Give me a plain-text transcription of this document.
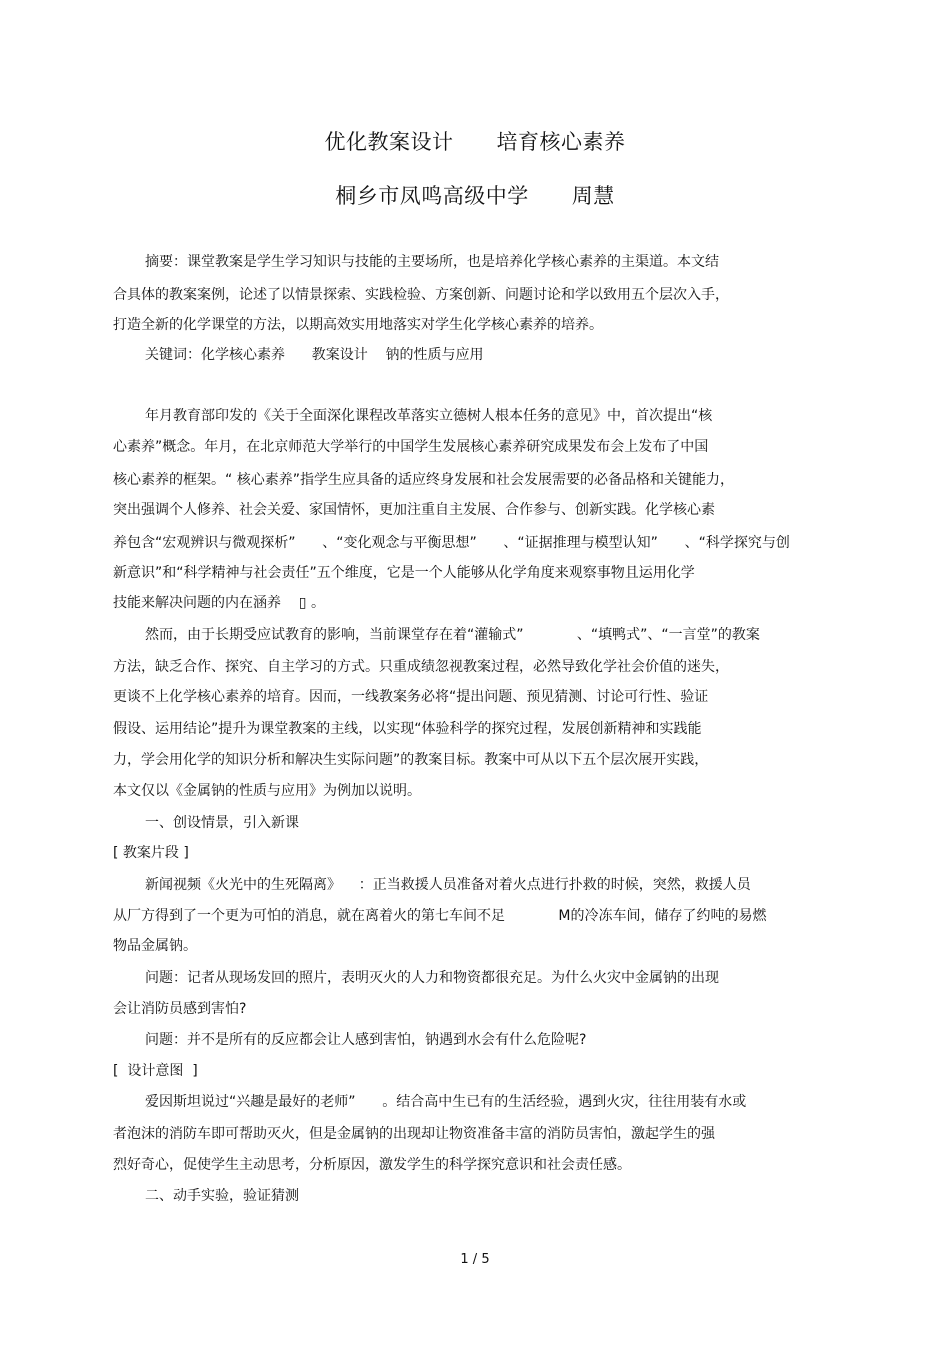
优化教案设计      培育核心素养
桐乡市凤鸣高级中学      周慧
摘要：课堂教案是学生学习知识与技能的主要场所，也是培养化学核心素养的主渠道。本文结
合具体的教案案例，论述了以情景探索、实践检验、方案创新、问题讨论和学以致用五个层次入手，
打造全新的化学课堂的方法，以期高效实用地落实对学生化学核心素养的培养。
关键词：化学核心素养      教案设计    钠的性质与应用
年月教育部印发的《关于全面深化课程改革落实立德树人根本任务的意见》中，首次提出“核
心素养”概念。年月，在北京师范大学举行的中国学生发展核心素养研究成果发布会上发布了中国
核心素养的框架。“ 核心素养”指学生应具备的适应终身发展和社会发展需要的必备品格和关键能力，
突出强调个人修养、社会关爱、家国情怀，更加注重自主发展、合作参与、创新实践。化学核心素
养包含“宏观辨识与微观探析”      、“变化观念与平衡思想”      、“证据推理与模型认知”      、“科学探究与创
新意识”和“科学精神与社会责任”五个维度，它是一个人能够从化学角度来观察事物且运用化学
技能来解决问题的内在涵养    ▯ 。
然而，由于长期受应试教育的影响，当前课堂存在着“灌输式”            、“填鸭式”、“一言堂”的教案
方法，缺乏合作、探究、自主学习的方式。只重成绩忽视教案过程，必然导致化学社会价值的迷失，
更谈不上化学核心素养的培育。因而，一线教案务必将“提出问题、预见猜测、讨论可行性、验证
假设、运用结论”提升为课堂教案的主线，以实现“体验科学的探究过程，发展创新精神和实践能
力，学会用化学的知识分析和解决生实际问题”的教案目标。教案中可从以下五个层次展开实践，
本文仅以《金属钠的性质与应用》为例加以说明。
一、创设情景，引入新课
[ 教案片段 ]
新闻视频《火光中的生死隔离》    ：正当救援人员准备对着火点进行扑救的时候，突然，救援人员
从厂方得到了一个更为可怕的消息，就在离着火的第七车间不足            M的冷冻车间，储存了约吨的易燃
物品金属钠。
问题：记者从现场发回的照片，表明灭火的人力和物资都很充足。为什么火灾中金属钠的出现
会让消防员感到害怕?
问题：并不是所有的反应都会让人感到害怕，钠遇到水会有什么危险呢?
[  设计意图  ]
爱因斯坦说过“兴趣是最好的老师”      。结合高中生已有的生活经验，遇到火灾，往往用装有水或
者泡沫的消防车即可帮助灭火，但是金属钠的出现却让物资准备丰富的消防员害怕，激起学生的强
烈好奇心，促使学生主动思考，分析原因，激发学生的科学探究意识和社会责任感。
二、动手实验，验证猜测
1 / 5
